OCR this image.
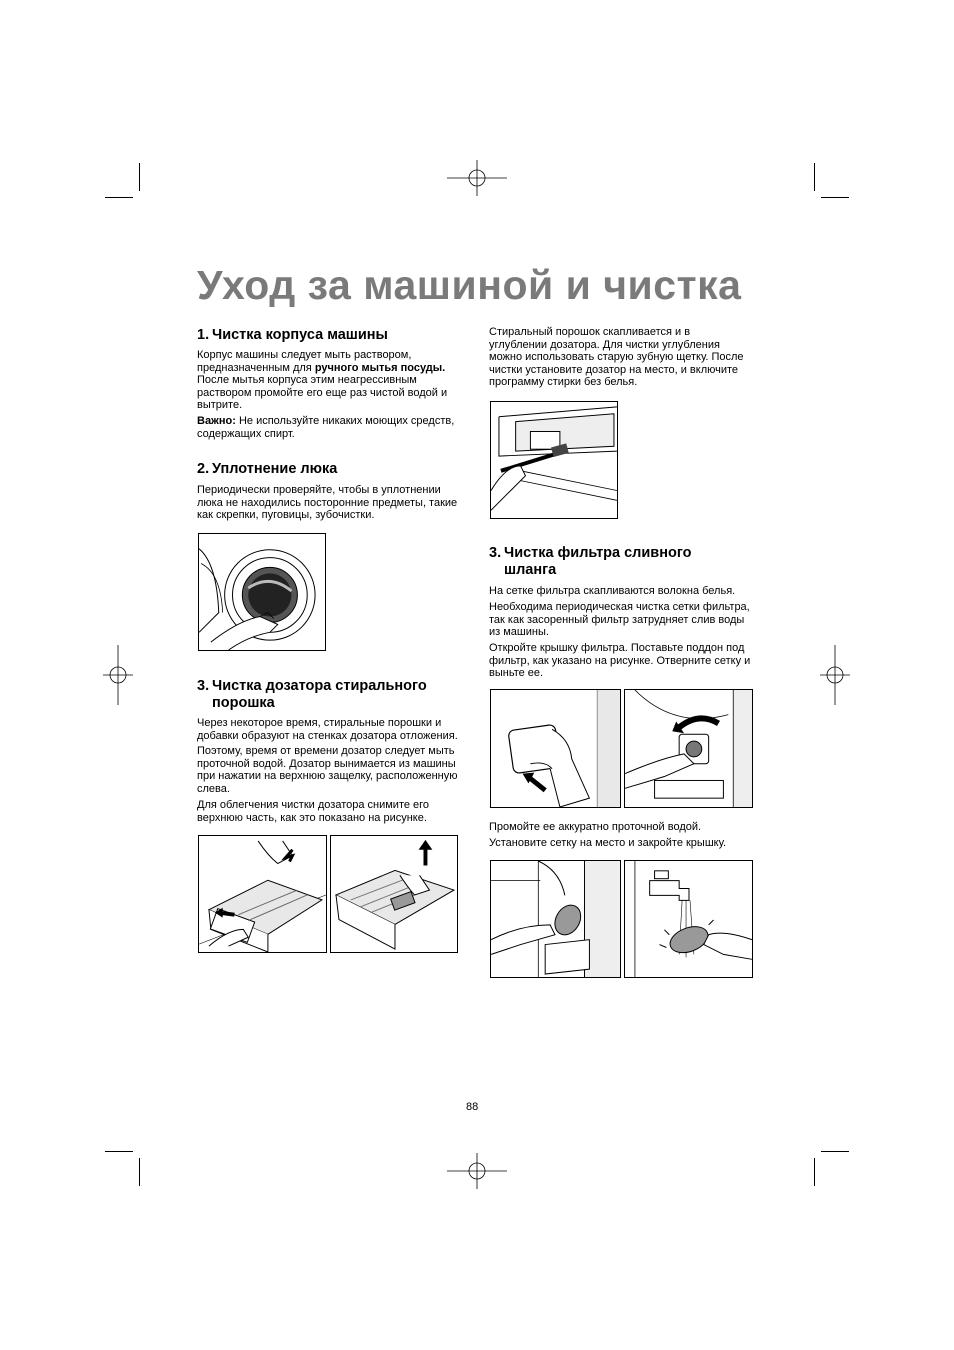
Уход за машиной и чистка
1. Чистка корпуса машины
Корпус машины следует мыть раствором, предназначенным для ручного мытья посуды. После мытья корпуса этим неагрессивным раствором промойте его еще раз чистой водой и вытрите.
Важно: Не используйте никаких моющих средств, содержащих спирт.
2. Уплотнение люка
Периодически проверяйте, чтобы в уплотнении люка не находились посторонние предметы, такие как скрепки, пуговицы, зубочистки.
3. Чистка дозатора стирального
порошка
Через некоторое время, стиральные порошки и добавки образуют на стенках дозатора отложения.
Поэтому, время от времени дозатор следует мыть проточной водой. Дозатор вынимается из машины при нажатии на верхнюю защелку, расположенную слева.
Для облегчения чистки дозатора снимите его верхнюю часть, как это показано на рисунке.
Стиральный порошок скапливается и в углублении дозатора. Для чистки углубления можно использовать старую зубную щетку. После чистки установите дозатор на место, и включите программу стирки без белья.
3. Чистка фильтра сливного
шланга
На сетке фильтра скапливаются волокна белья.
Необходима периодическая чистка сетки фильтра, так как засоренный фильтр затрудняет слив воды из машины.
Откройте крышку фильтра. Поставьте поддон под фильтр, как указано на рисунке. Отверните сетку и выньте ее.
Промойте ее аккуратно проточной водой.
Установите сетку на место и закройте крышку.
88
